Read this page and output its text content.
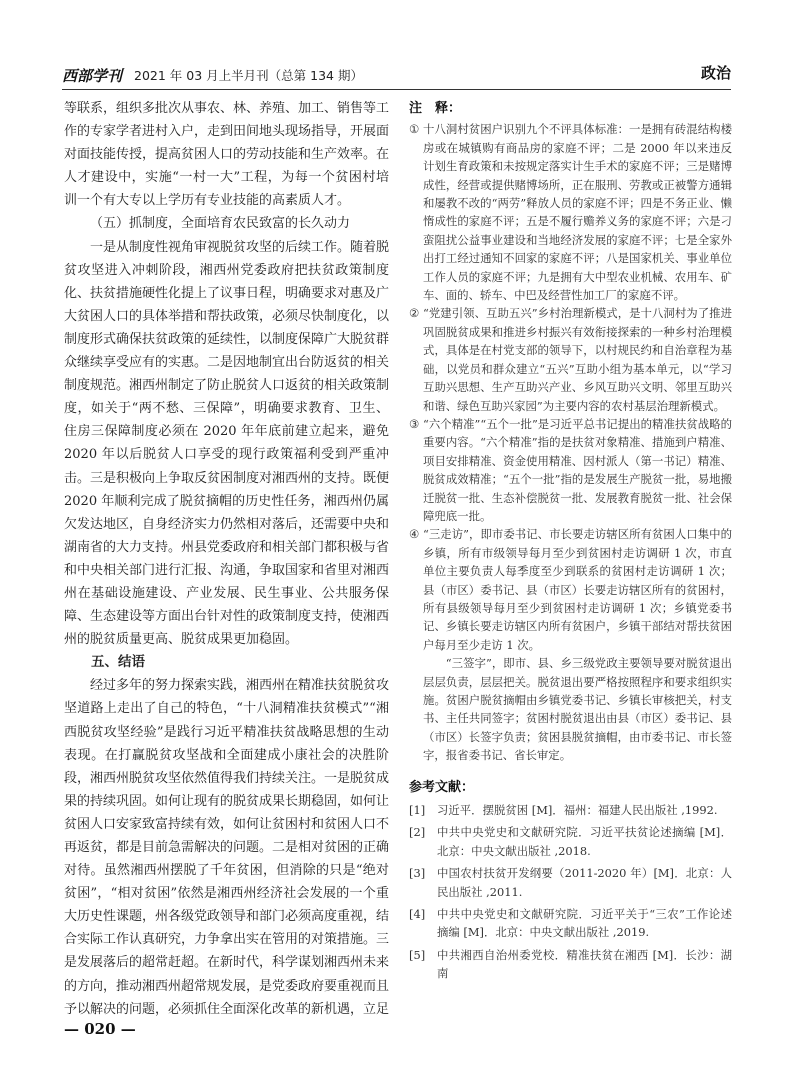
西部学刊 2021 年 03 月上半月刊（总第 134 期）	政治

等联系，组织多批次从事农、林、养殖、加工、销售等工作的专家学者进村入户，走到田间地头现场指导，开展面对面技能传授，提高贫困人口的劳动技能和生产效率。在人才建设中，实施“一村一大”工程，为每一个贫困村培训一个有大专以上学历有专业技能的高素质人才。

（五）抓制度，全面培育农民致富的长久动力

一是从制度性视角审视脱贫攻坚的后续工作。随着脱贫攻坚进入冲刺阶段，湘西州党委政府把扶贫政策制度化、扶贫措施硬性化提上了议事日程，明确要求对惠及广大贫困人口的具体举措和帮扶政策，必须尽快制度化，以制度形式确保扶贫政策的延续性，以制度保障广大脱贫群众继续享受应有的实惠。二是因地制宜出台防返贫的相关制度规范。湘西州制定了防止脱贫人口返贫的相关政策制度，如关于“两不愁、三保障”，明确要求教育、卫生、住房三保障制度必须在 2020 年年底前建立起来，避免 2020 年以后脱贫人口享受的现行政策福利受到严重冲击。三是积极向上争取反贫困制度对湘西州的支持。既便 2020 年顺利完成了脱贫摘帽的历史性任务，湘西州仍属欠发达地区，自身经济实力仍然相对落后，还需要中央和湖南省的大力支持。州县党委政府和相关部门都积极与省和中央相关部门进行汇报、沟通，争取国家和省里对湘西州在基础设施建设、产业发展、民生事业、公共服务保障、生态建设等方面出台针对性的政策制度支持，使湘西州的脱贫质量更高、脱贫成果更加稳固。

五、结语

经过多年的努力探索实践，湘西州在精准扶贫脱贫攻坚道路上走出了自己的特色，“十八洞精准扶贫模式”“湘西脱贫攻坚经验”是践行习近平精准扶贫战略思想的生动表现。在打赢脱贫攻坚战和全面建成小康社会的决胜阶段，湘西州脱贫攻坚依然值得我们持续关注。一是脱贫成果的持续巩固。如何让现有的脱贫成果长期稳固，如何让贫困人口安家致富持续有效，如何让贫困村和贫困人口不再返贫，都是目前急需解决的问题。二是相对贫困的正确对待。虽然湘西州摆脱了千年贫困，但消除的只是“绝对贫困”，“相对贫困”依然是湘西州经济社会发展的一个重大历史性课题，州各级党政领导和部门必须高度重视，结合实际工作认真研究，力争拿出实在管用的对策措施。三是发展落后的超常赶超。在新时代，科学谋划湘西州未来的方向，推动湘西州超常规发展，是党委政府要重视而且予以解决的问题，必须抓住全面深化改革的新机遇，立足

注　释：
① 十八洞村贫困户识别九个不评具体标准：一是拥有砖混结构楼房或在城镇购有商品房的家庭不评；二是 2000 年以来违反计划生育政策和未按规定落实计生手术的家庭不评；三是赌博成性，经营或提供赌博场所，正在服刑、劳教或正被警方通辑和屡教不改的“两劳”释放人员的家庭不评；四是不务正业、懒惰成性的家庭不评；五是不履行赡养义务的家庭不评；六是刁蛮阻扰公益事业建设和当地经济发展的家庭不评；七是全家外出打工经过通知不回家的家庭不评；八是国家机关、事业单位工作人员的家庭不评；九是拥有大中型农业机械、农用车、矿车、面的、轿车、中巴及经营性加工厂的家庭不评。
② “党建引领、互助五兴”乡村治理新模式，是十八洞村为了推进巩固脱贫成果和推进乡村振兴有效衔接探索的一种乡村治理模式，具体是在村党支部的领导下，以村规民约和自治章程为基础，以党员和群众建立“五兴”互助小组为基本单元，以“学习互助兴思想、生产互助兴产业、乡风互助兴文明、邻里互助兴和谐、绿色互助兴家园”为主要内容的农村基层治理新模式。
③ “六个精准”“五个一批”是习近平总书记提出的精准扶贫战略的重要内容。“六个精准”指的是扶贫对象精准、措施到户精准、项目安排精准、资金使用精准、因村派人（第一书记）精准、脱贫成效精准；“五个一批”指的是发展生产脱贫一批，易地搬迁脱贫一批、生态补偿脱贫一批、发展教育脱贫一批、社会保障兜底一批。
④ “三走访”，即市委书记、市长要走访辖区所有贫困人口集中的乡镇，所有市级领导每月至少到贫困村走访调研 1 次，市直单位主要负责人每季度至少到联系的贫困村走访调研 1 次；县（市区）委书记、县（市区）长要走访辖区所有的贫困村，所有县级领导每月至少到贫困村走访调研 1 次；乡镇党委书记、乡镇长要走访辖区内所有贫困户，乡镇干部结对帮扶贫困户每月至少走访 1 次。

“三签字”，即市、县、乡三级党政主要领导要对脱贫退出层层负责，层层把关。脱贫退出要严格按照程序和要求组织实施。贫困户脱贫摘帽由乡镇党委书记、乡镇长审核把关，村支书、主任共同签字；贫困村脱贫退出由县（市区）委书记、县（市区）长签字负责；贫困县脱贫摘帽，由市委书记、市长签字，报省委书记、省长审定。

参考文献：
[1] 习近平．摆脱贫困 [M]．福州：福建人民出版社 ,1992.
[2] 中共中央党史和文献研究院．习近平扶贫论述摘编 [M]．北京：中央文献出版社 ,2018.
[3] 中国农村扶贫开发纲要（2011-2020 年）[M]．北京：人民出版社 ,2011.
[4] 中共中央党史和文献研究院．习近平关于“三农”工作论述摘编 [M]．北京：中央文献出版社 ,2019.
[5] 中共湘西自治州委党校．精准扶贫在湘西 [M]．长沙：湖南
— 020 —
